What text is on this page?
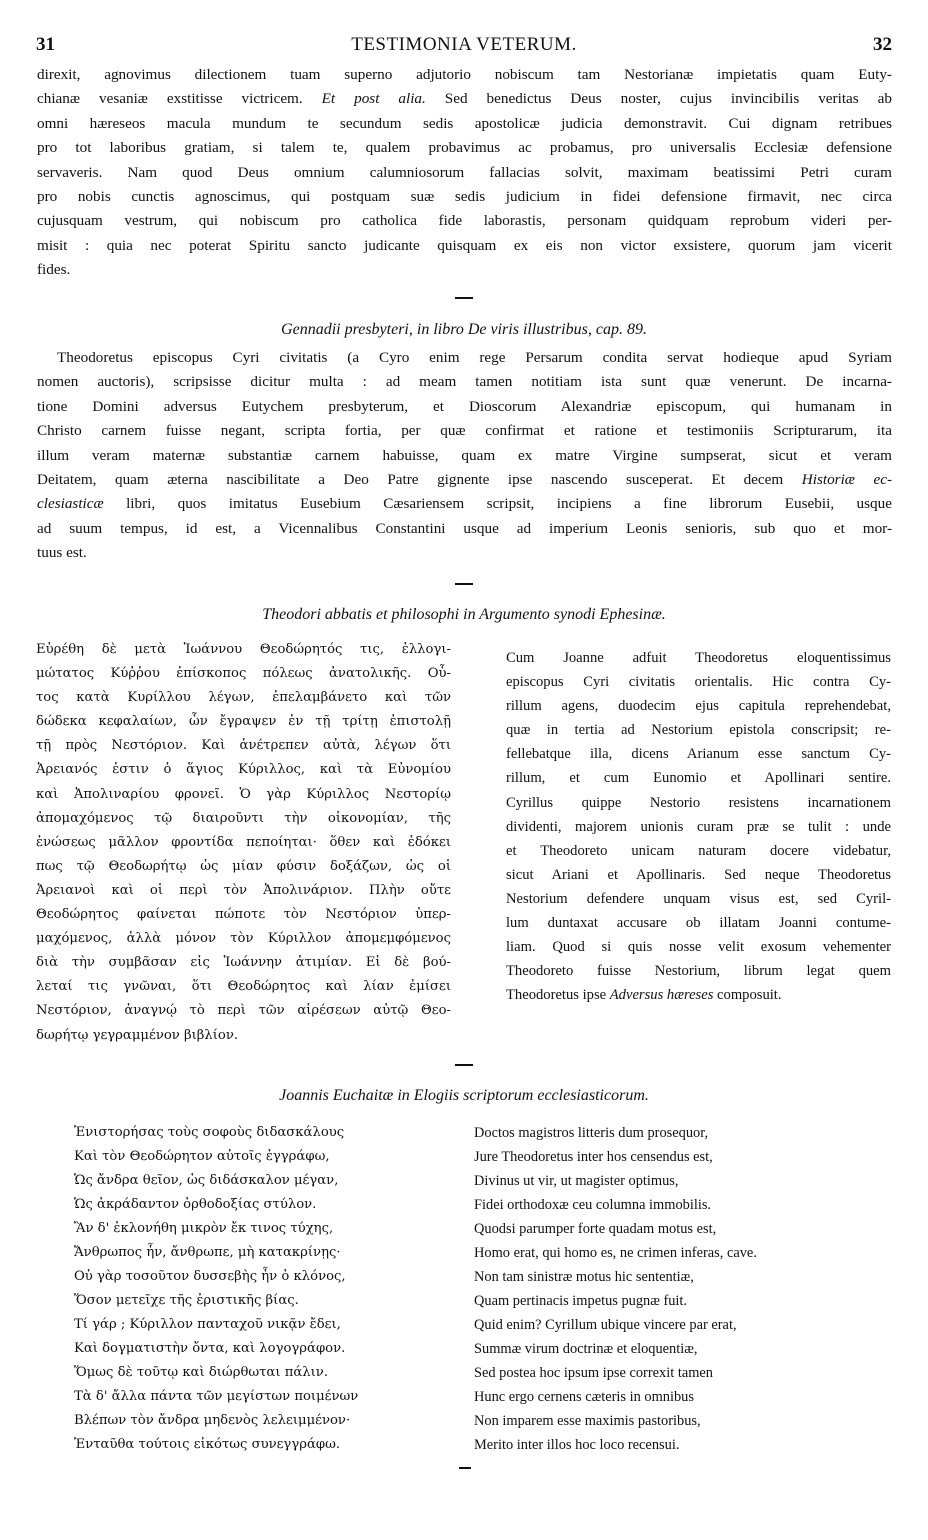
31	TESTIMONIA VETERUM.	32
direxit, agnovimus dilectionem tuam superno adjutorio nobiscum tam Nestorianæ impietatis quam Euty-
chianæ vesaniæ exstitisse victricem. Et post alia. Sed benedictus Deus noster, cujus invincibilis veritas ab
omni hæreseos macula mundum te secundum sedis apostolicæ judicia demonstravit. Cui dignam retribues
pro tot laboribus gratiam, si talem te, qualem probavimus ac probamus, pro universalis Ecclesiæ defensione
servaveris. Nam quod Deus omnium calumniosorum fallacias solvit, maximam beatissimi Petri curam
pro nobis cunctis agnoscimus, qui postquam suæ sedis judicium in fidei defensione firmavit, nec circa
cujusquam vestrum, qui nobiscum pro catholica fide laborastis, personam quidquam reprobum videri per-
misit : quia nec poterat Spiritu sancto judicante quisquam ex eis non victor exsistere, quorum jam vicerit
fides.
Gennadii presbyteri, in libro De viris illustribus, cap. 89.
Theodoretus episcopus Cyri civitatis (a Cyro enim rege Persarum condita servat hodieque apud Syriam
nomen auctoris), scripsisse dicitur multa : ad meam tamen notitiam ista sunt quæ venerunt. De incarna-
tione Domini adversus Eutychem presbyterum, et Dioscorum Alexandriæ episcopum, qui humanam in
Christo carnem fuisse negant, scripta fortia, per quæ confirmat et ratione et testimoniis Scripturarum, ita
illum veram maternæ substantiæ carnem habuisse, quam ex matre Virgine sumpserat, sicut et veram
Deitatem, quam æterna nascibilitate a Deo Patre gignente ipse nascendo susceperat. Et decem Historiæ ec-
clesiasticæ libri, quos imitatus Eusebium Cæsariensem scripsit, incipiens a fine librorum Eusebii, usque
ad suum tempus, id est, a Vicennalibus Constantini usque ad imperium Leonis senioris, sub quo et mor-
tuus est.
Theodori abbatis et philosophi in Argumento synodi Ephesinæ.
Εὑρέθη δὲ μετὰ Ἰωάννου Θεοδώρητός τις, ἐλλογι-
μώτατος Κύῤῥου ἐπίσκοπος πόλεως ἀνατολικῆς. Οὗ-
τος κατὰ Κυρίλλου λέγων, ἐπελαμβάνετο καὶ τῶν
δώδεκα κεφαλαίων, ὧν ἔγραψεν ἐν τῇ τρίτῃ ἐπιστολῇ
τῇ πρὸς Νεστόριον. Καὶ ἀνέτρεπεν αὐτὰ, λέγων ὅτι
Ἀρειανός ἐστιν ὁ ἅγιος Κύριλλος, καὶ τὰ Εὐνομίου
καὶ Ἀπολιναρίου φρονεῖ. Ὁ γὰρ Κύριλλος Νεστορίῳ
ἀπομαχόμενος τῷ διαιροῦντι τὴν οἰκονομίαν, τῆς
ἑνώσεως μᾶλλον φροντίδα πεποίηται· ὅθεν καὶ ἐδόκει
πως τῷ Θεοδωρήτῳ ὡς μίαν φύσιν δοξάζων, ὡς οἱ
Ἀρειανοὶ καὶ οἱ περὶ τὸν Ἀπολινάριον. Πλὴν οὔτε
Θεοδώρητος φαίνεται πώποτε τὸν Νεστόριον ὑπερ-
μαχόμενος, ἀλλὰ μόνον τὸν Κύριλλον ἀπομεμφόμενος
διὰ τὴν συμβᾶσαν εἰς Ἰωάννην ἀτιμίαν. Εἰ δὲ βού-
λεταί τις γνῶναι, ὅτι Θεοδώρητος καὶ λίαν ἐμίσει
Νεστόριον, ἀναγνῴ τὸ περὶ τῶν αἱρέσεων αὐτῷ Θεο-
δωρήτῳ γεγραμμένον βιβλίον.
Cum Joanne adfuit Theodoretus eloquentissimus
episcopus Cyri civitatis orientalis. Hic contra Cy-
rillum agens, duodecim ejus capitula reprehendebat,
quæ in tertia ad Nestorium epistola conscripsit; re-
fellebatque illa, dicens Arianum esse sanctum Cy-
rillum, et cum Eunomio et Apollinari sentire.
Cyrillus quippe Nestorio resistens incarnationem
dividenti, majorem unionis curam præ se tulit : unde
et Theodoreto unicam naturam docere videbatur,
sicut Ariani et Apollinaris. Sed neque Theodoretus
Nestorium defendere unquam visus est, sed Cyril-
lum duntaxat accusare ob illatam Joanni contume-
liam. Quod si quis nosse velit exosum vehementer
Theodoreto fuisse Nestorium, librum legat quem
Theodoretus ipse Adversus hæreses composuit.
Joannis Euchaitæ in Elogiis scriptorum ecclesiasticorum.
Ἐνιστορήσας τοὺς σοφοὺς διδασκάλους
Καὶ τὸν Θεοδώρητον αὐτοῖς ἐγγράφω,
Ὡς ἄνδρα θεῖον, ὡς διδάσκαλον μέγαν,
Ὡς ἀκράδαντον ὀρθοδοξίας στύλον.
Ἂν δ' ἐκλονήθη μικρὸν ἔκ τινος τύχης,
Ἄνθρωπος ἦν, ἄνθρωπε, μὴ κατακρίνῃς·
Οὐ γὰρ τοσοῦτον δυσσεβὴς ἦν ὁ κλόνος,
Ὅσον μετεῖχε τῆς ἐριστικῆς βίας.
Τί γάρ ; Κύριλλον πανταχοῦ νικᾷν ἔδει,
Καὶ δογματιστὴν ὄντα, καὶ λογογράφον.
Ὅμως δὲ τοῦτῳ καὶ διώρθωται πάλιν.
Τὰ δ' ἄλλα πάντα τῶν μεγίστων ποιμένων
Βλέπων τὸν ἄνδρα μηδενὸς λελειμμένον·
Ἐνταῦθα τούτοις εἰκότως συνεγγράφω.
Doctos magistros litteris dum prosequor,
Jure Theodoretus inter hos censendus est,
Divinus ut vir, ut magister optimus,
Fidei orthodoxæ ceu columna immobilis.
Quodsi parumper forte quadam motus est,
Homo erat, qui homo es, ne crimen inferas, cave.
Non tam sinistræ motus hic sententiæ,
Quam pertinacis impetus pugnæ fuit.
Quid enim? Cyrillum ubique vincere par erat,
Summæ virum doctrinæ et eloquentiæ,
Sed postea hoc ipsum ipse correxit tamen
Hunc ergo cernens cæteris in omnibus
Non imparem esse maximis pastoribus,
Merito inter illos hoc loco recensui.
